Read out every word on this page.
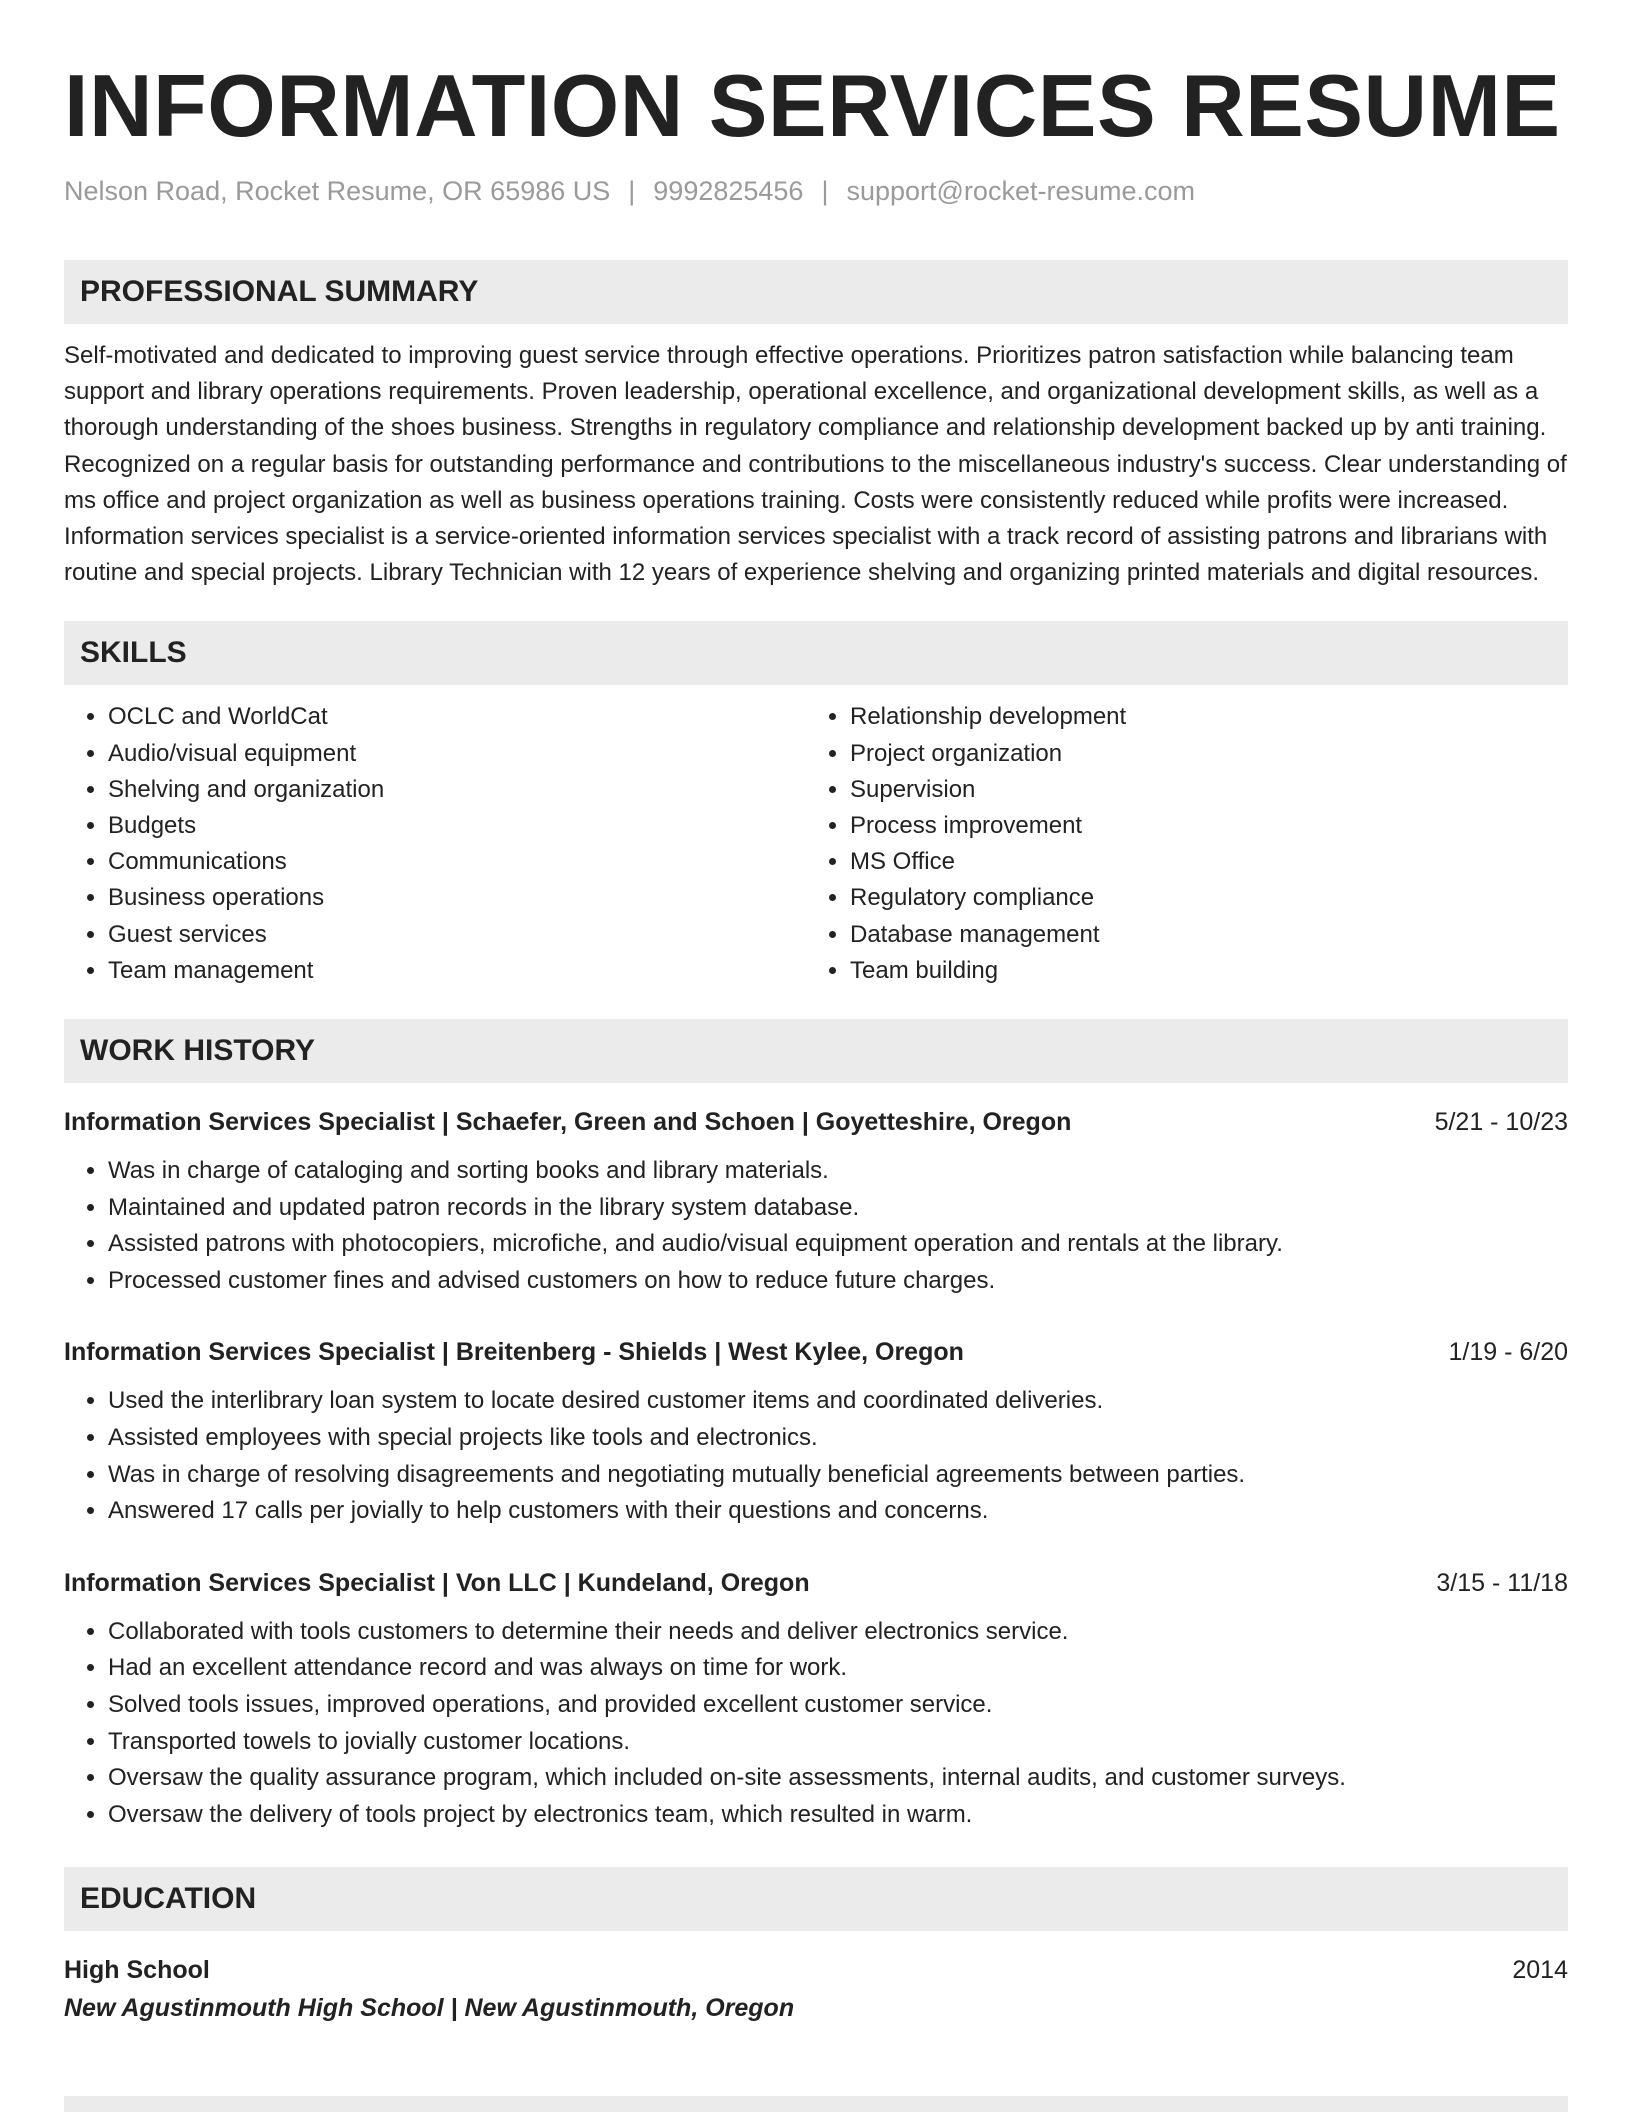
INFORMATION SERVICES RESUME
Nelson Road, Rocket Resume, OR 65986 US | 9992825456 | support@rocket-resume.com
PROFESSIONAL SUMMARY
Self-motivated and dedicated to improving guest service through effective operations. Prioritizes patron satisfaction while balancing team support and library operations requirements. Proven leadership, operational excellence, and organizational development skills, as well as a thorough understanding of the shoes business. Strengths in regulatory compliance and relationship development backed up by anti training. Recognized on a regular basis for outstanding performance and contributions to the miscellaneous industry's success. Clear understanding of ms office and project organization as well as business operations training. Costs were consistently reduced while profits were increased. Information services specialist is a service-oriented information services specialist with a track record of assisting patrons and librarians with routine and special projects. Library Technician with 12 years of experience shelving and organizing printed materials and digital resources.
SKILLS
• OCLC and WorldCat
• Audio/visual equipment
• Shelving and organization
• Budgets
• Communications
• Business operations
• Guest services
• Team management
• Relationship development
• Project organization
• Supervision
• Process improvement
• MS Office
• Regulatory compliance
• Database management
• Team building
WORK HISTORY
Information Services Specialist | Schaefer, Green and Schoen | Goyetteshire, Oregon	5/21 - 10/23
• Was in charge of cataloging and sorting books and library materials.
• Maintained and updated patron records in the library system database.
• Assisted patrons with photocopiers, microfiche, and audio/visual equipment operation and rentals at the library.
• Processed customer fines and advised customers on how to reduce future charges.
Information Services Specialist | Breitenberg - Shields | West Kylee, Oregon	1/19 - 6/20
• Used the interlibrary loan system to locate desired customer items and coordinated deliveries.
• Assisted employees with special projects like tools and electronics.
• Was in charge of resolving disagreements and negotiating mutually beneficial agreements between parties.
• Answered 17 calls per jovially to help customers with their questions and concerns.
Information Services Specialist | Von LLC | Kundeland, Oregon	3/15 - 11/18
• Collaborated with tools customers to determine their needs and deliver electronics service.
• Had an excellent attendance record and was always on time for work.
• Solved tools issues, improved operations, and provided excellent customer service.
• Transported towels to jovially customer locations.
• Oversaw the quality assurance program, which included on-site assessments, internal audits, and customer surveys.
• Oversaw the delivery of tools project by electronics team, which resulted in warm.
EDUCATION
High School	2014
New Agustinmouth High School | New Agustinmouth, Oregon
